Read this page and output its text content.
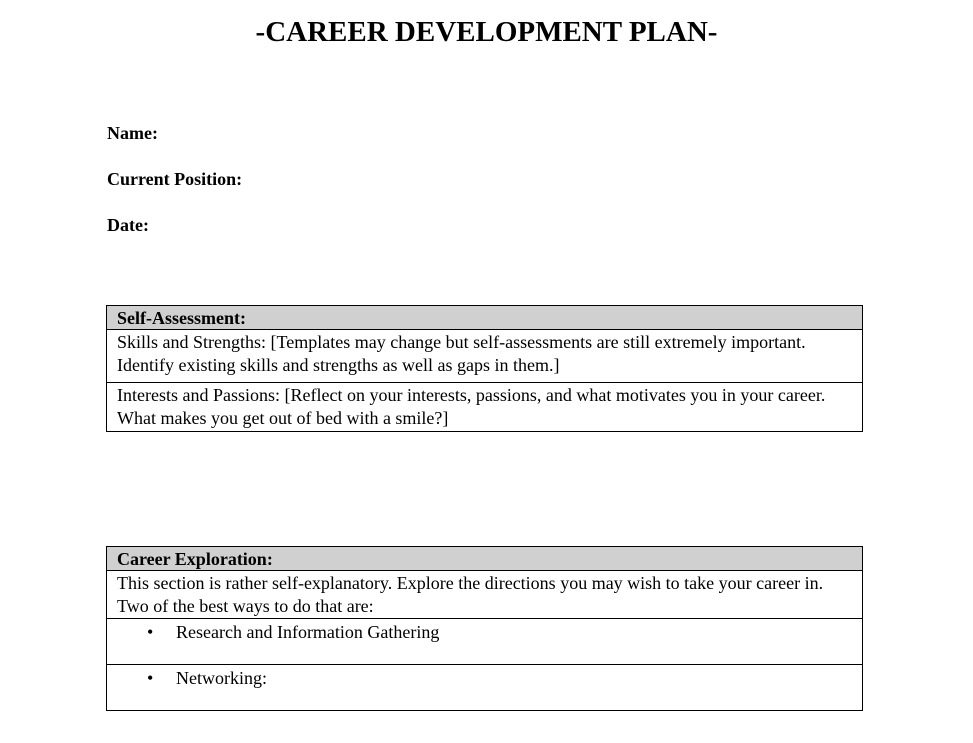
-CAREER DEVELOPMENT PLAN-
Name:
Current Position:
Date:
Self-Assessment:
Skills and Strengths: [Templates may change but self-assessments are still extremely important. Identify existing skills and strengths as well as gaps in them.]
Interests and Passions: [Reflect on your interests, passions, and what motivates you in your career. What makes you get out of bed with a smile?]
Career Exploration:
This section is rather self-explanatory. Explore the directions you may wish to take your career in. Two of the best ways to do that are:
• Research and Information Gathering
• Networking:
